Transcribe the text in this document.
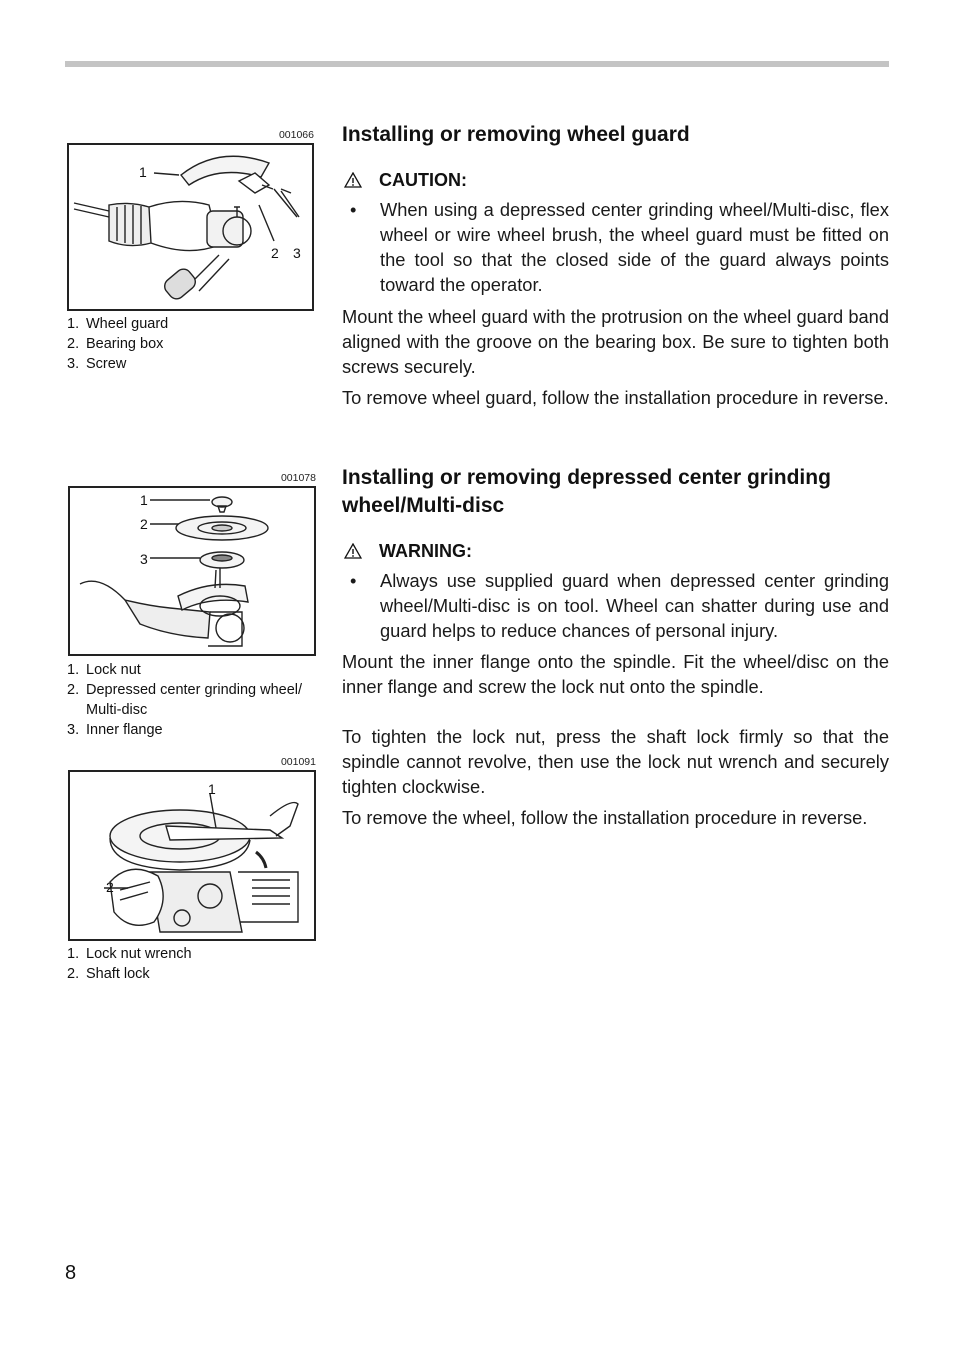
001066
1
2 3
1. Wheel guard
2. Bearing box
3. Screw
001078
1
2
3
1. Lock nut
2. Depressed center grinding wheel/ Multi-disc
3. Inner flange
001091
1
2
1. Lock nut wrench
2. Shaft lock
Installing or removing wheel guard
CAUTION:

• When using a depressed center grinding wheel/Multi-disc, flex wheel or wire wheel brush, the wheel guard must be fitted on the tool so that the closed side of the guard always points toward the operator.

Mount the wheel guard with the protrusion on the wheel guard band aligned with the groove on the bearing box. Be sure to tighten both screws securely.

To remove wheel guard, follow the installation procedure in reverse.

Installing or removing depressed center grinding wheel/Multi-disc
WARNING:

• Always use supplied guard when depressed center grinding wheel/Multi-disc is on tool. Wheel can shatter during use and guard helps to reduce chances of personal injury.

Mount the inner flange onto the spindle. Fit the wheel/disc on the inner flange and screw the lock nut onto the spindle.

To tighten the lock nut, press the shaft lock firmly so that the spindle cannot revolve, then use the lock nut wrench and securely tighten clockwise.

To remove the wheel, follow the installation procedure in reverse.

8
